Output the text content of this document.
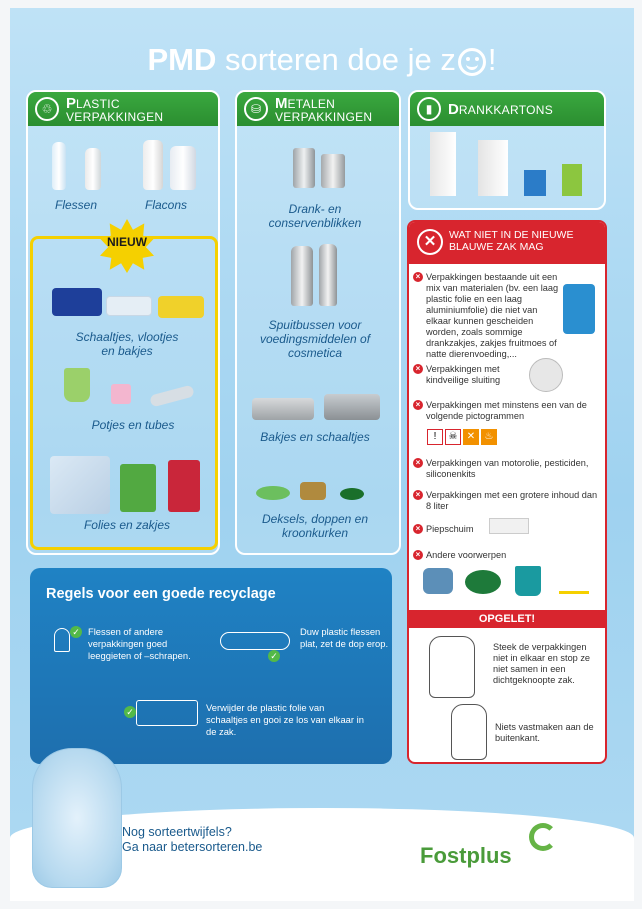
PMD sorteren doe je z !
♲ PLASTIC
VERPAKKINGEN
Flessen	Flacons
NIEUW
Schaaltjes, vlootjes en bakjes
Potjes en tubes
Folies en zakjes
⛁ METALEN
VERPAKKINGEN
Drank- en conservenblikken
Spuitbussen voor voedingsmiddelen of cosmetica
Bakjes en schaaltjes
Deksels, doppen en kroonkurken
▮	DRANKKARTONS
✕	WAT NIET IN DE NIEUWE BLAUWE ZAK MAG
× Verpakkingen bestaande uit een mix van materialen (bv. een laag plastic folie en een laag aluminiumfolie) die niet van elkaar kunnen gescheiden worden, zoals sommige drankzakjes, zakjes fruitmoes of natte dierenvoeding,...
× Verpakkingen met kindveilige sluiting
× Verpakkingen met minstens een van de volgende pictogrammen
! ☠ ✕ ♨
× Verpakkingen van motorolie, pesticiden, siliconenkits
× Verpakkingen met een grotere inhoud dan 8 liter
× Piepschuim
× Andere voorwerpen
OPGELET!
Steek de verpakkingen niet in elkaar en stop ze niet samen in een dichtgeknoopte zak.
Niets vastmaken aan de buitenkant.
Regels voor een goede recyclage
✓ Flessen of andere verpakkingen goed leeggieten of –schrapen.	✓
Duw plastic flessen plat, zet de dop erop.
✓	Verwijder de plastic folie van schaaltjes en gooi ze los van elkaar in de zak.
Nog sorteertwijfels?
Ga naar betersorteren.be	Fostplus
